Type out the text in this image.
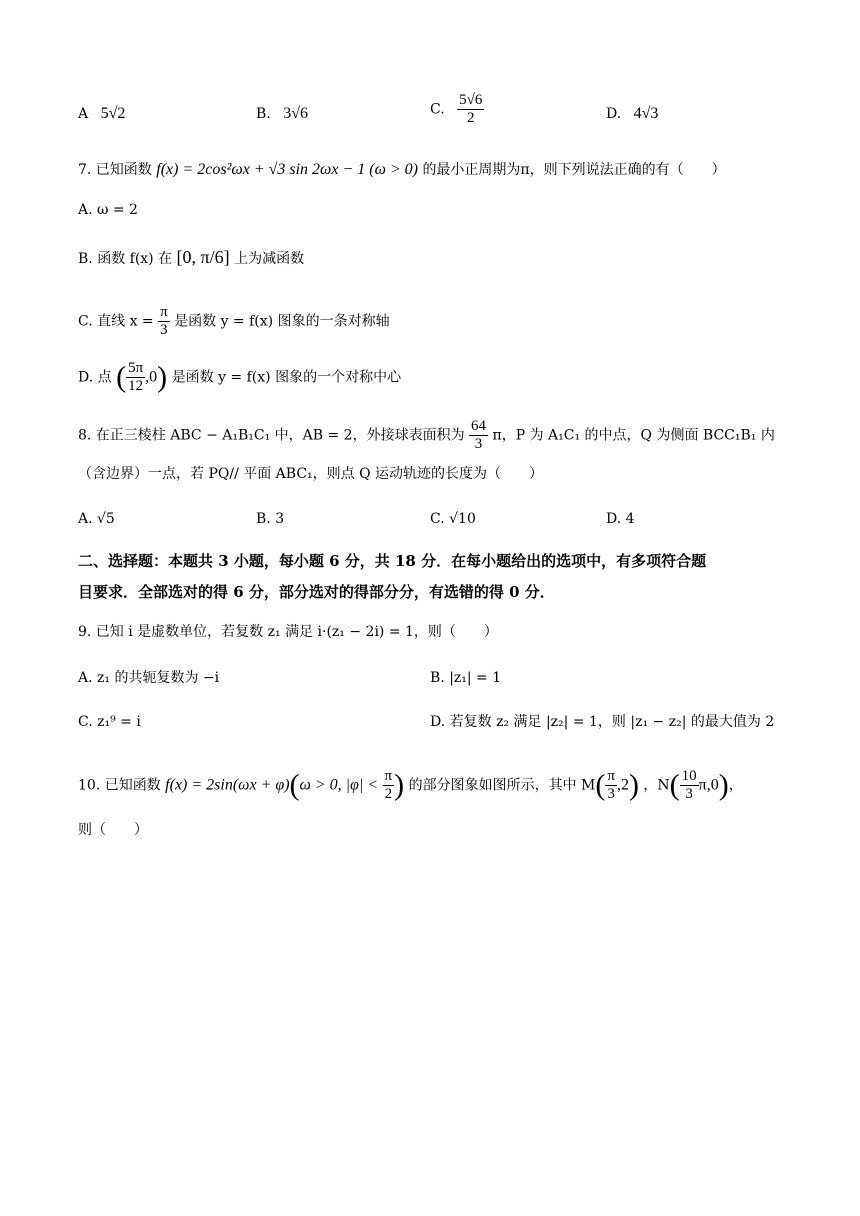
A 5√2	B. 3√6	C. $\frac{5√6}{2}$	D. 4√3
7. 已知函数 f(x) = 2cos²ωx + √3 sin 2ωx − 1 (ω > 0) 的最小正周期为π，则下列说法正确的有（　　）
A. ω = 2
B. 函数 f(x) 在 [0, π/6] 上为减函数
C. 直线 $x = \frac{\pi}{3}$ 是函数 y = f(x) 图象的一条对称轴
D. 点 ( $\frac{5\pi}{12} ,0$) 是函数 y = f(x) 图象的一个对称中心
8. 在正三棱柱 ABC − A₁B₁C₁ 中，AB = 2，外接球表面积为 $\frac{64}{3}$ π，P 为 A₁C₁ 的中点，Q 为侧面 BCC₁B₁ 内
（含边界）一点，若 PQ// 平面 ABC₁，则点 Q 运动轨迹的长度为（　　）
A. √5	B. 3	C. √10	D. 4
二、选择题：本题共 3 小题，每小题 6 分，共 18 分．在每小题给出的选项中，有多项符合题
目要求．全部选对的得 6 分，部分选对的得部分分，有选错的得 0 分．
9. 已知 i 是虚数单位，若复数 z₁ 满足 i·(z₁ − 2i) = 1，则（　　）
A. z₁ 的共轭复数为 −i	B. |z₁| = 1
C. z₁⁹ = i	D. 若复数 z₂ 满足 |z₂| = 1，则 |z₁ − z₂| 的最大值为 2
10. 已知函数 f(x) = 2sin(ωx + φ)(ω > 0, $|\varphi| < \frac{\pi}{2}$ ) 的部分图象如图所示，其中 $M( \frac{\pi}{3} ,2)$ ，$N( \frac{10}{3} \pi,0)$，
则（　　）
